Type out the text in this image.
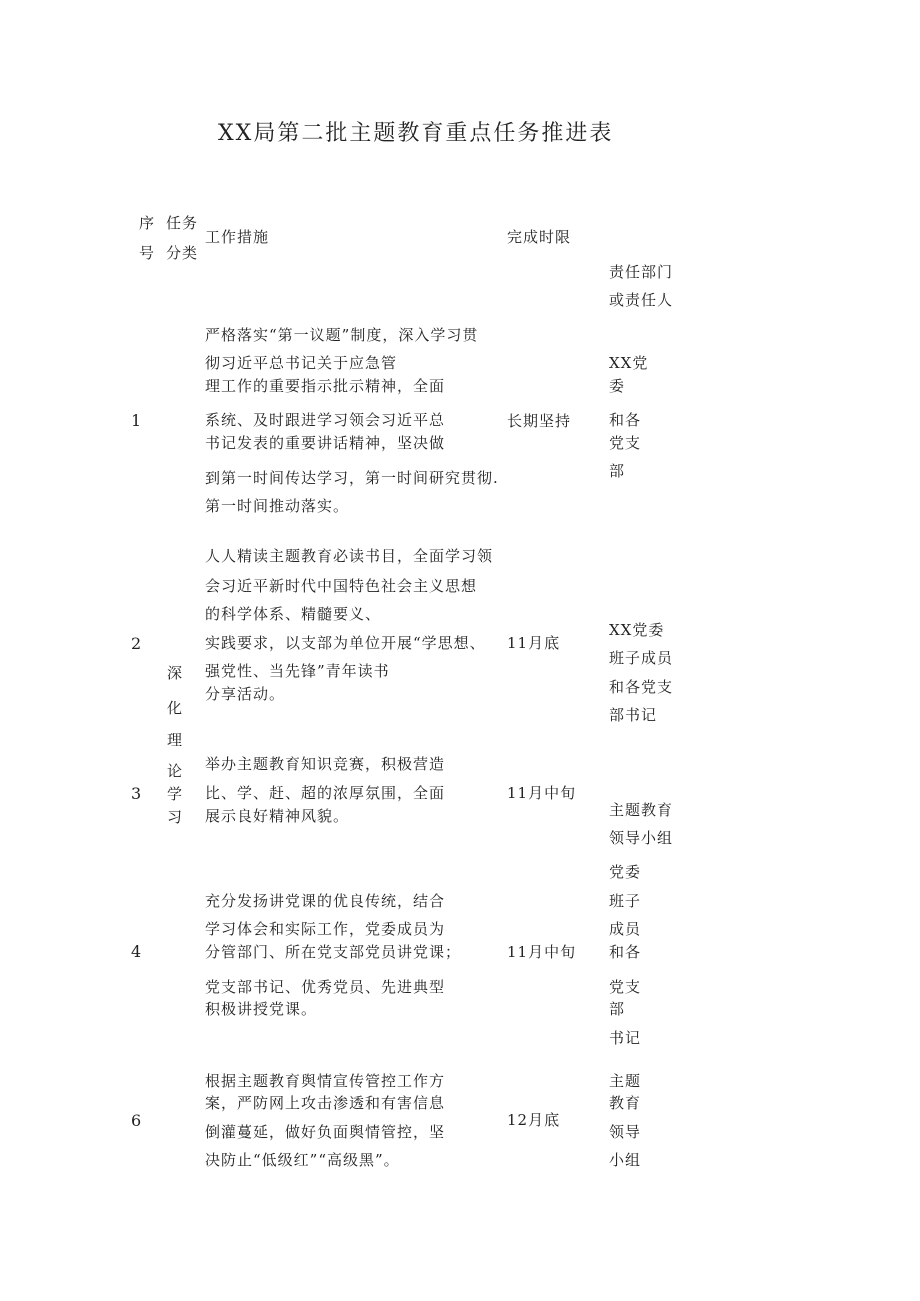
XX局第二批主题教育重点任务推进表
序
号
任务
分类
工作措施	完成时限
责任部门
或责任人
深
化
理
论
学
习
1
严格落实“第一议题”制度，深入学习贯
彻习近平总书记关于应急管
理工作的重要指示批示精神，全面
系统、及时跟进学习领会习近平总
书记发表的重要讲话精神，坚决做
到第一时间传达学习，第一时间研究贯彻.
第一时间推动落实。
长期坚持
XX党
委
和各
党支
部
2
人人精读主题教育必读书目，全面学习领
会习近平新时代中国特色社会主义思想
的科学体系、精髓要义、
实践要求，以支部为单位开展“学思想、
强党性、当先锋”青年读书
分享活动。
11月底
XX党委
班子成员
和各党支
部书记
3
举办主题教育知识竞赛，积极营造
比、学、赶、超的浓厚氛围，全面
展示良好精神风貌。
11月中旬
主题教育
领导小组
4
充分发扬讲党课的优良传统，结合
学习体会和实际工作，党委成员为
分管部门、所在党支部党员讲党课；
党支部书记、优秀党员、先进典型
积极讲授党课。
11月中旬
党委
班子
成员
和各
党支
部
书记
6
根据主题教育舆情宣传管控工作方
案，严防网上攻击渗透和有害信息
倒灌蔓延，做好负面舆情管控，坚
决防止“低级红”“高级黑”。
12月底
主题
教育
领导
小组
